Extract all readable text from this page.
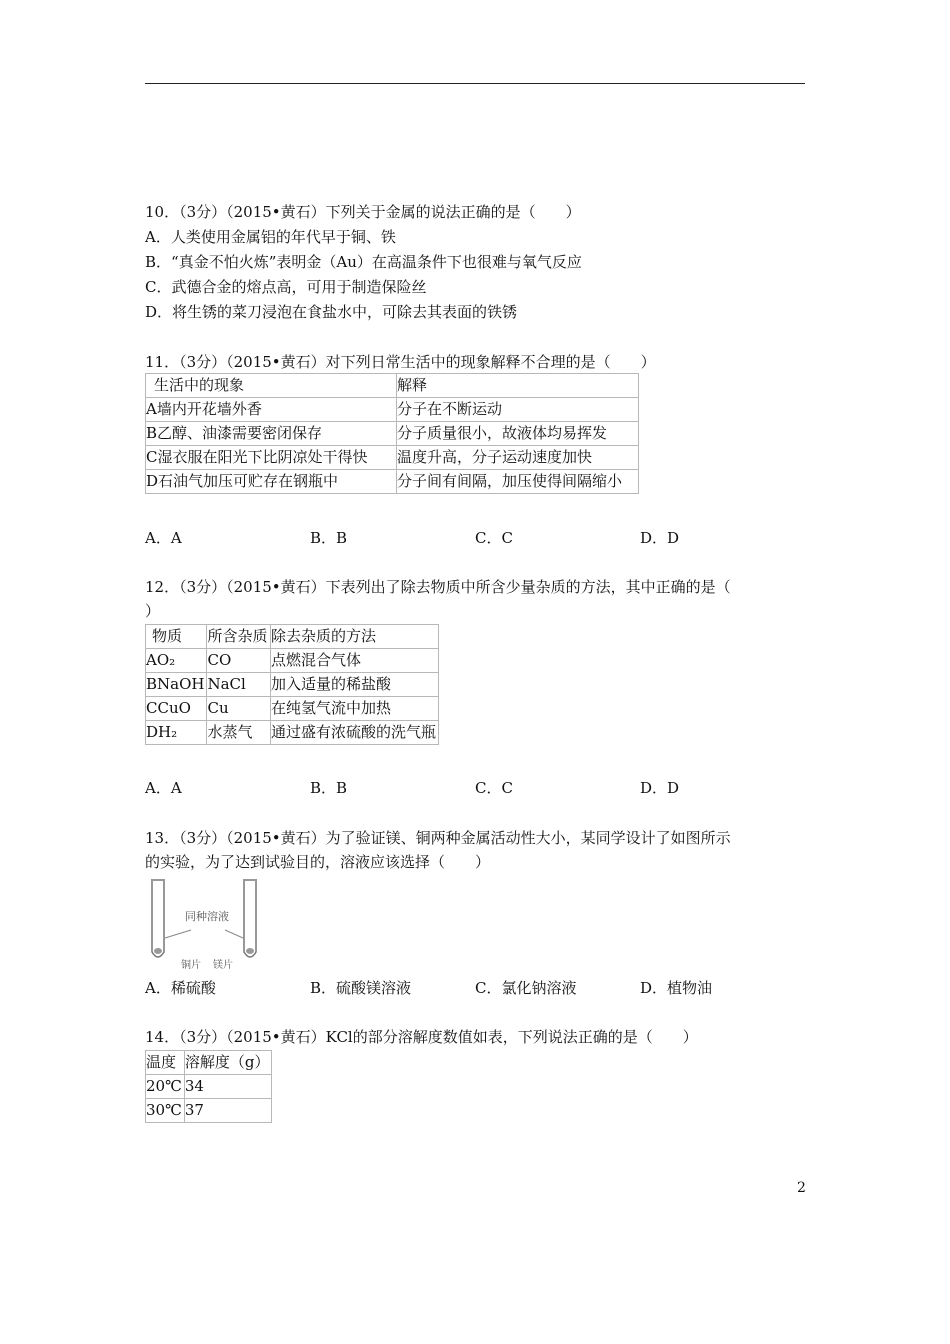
10．（3分）（2015•黄石）下列关于金属的说法正确的是（　　）
A．人类使用金属铝的年代早于铜、铁
B．“真金不怕火炼”表明金（Au）在高温条件下也很难与氧气反应
C．武德合金的熔点高，可用于制造保险丝
D．将生锈的菜刀浸泡在食盐水中，可除去其表面的铁锈
11．（3分）（2015•黄石）对下列日常生活中的现象解释不合理的是（　　）
生活中的现象	解释
A墙内开花墙外香	分子在不断运动
B乙醇、油漆需要密闭保存	分子质量很小，故液体均易挥发
C湿衣服在阳光下比阴凉处干得快	温度升高，分子运动速度加快
D石油气加压可贮存在钢瓶中	分子间有间隔，加压使得间隔缩小
A．A	B．B	C．C	D．D
12．（3分）（2015•黄石）下表列出了除去物质中所含少量杂质的方法，其中正确的是（
）
物质	所含杂质	除去杂质的方法
AO₂	CO	点燃混合气体
BNaOH	NaCl	加入适量的稀盐酸
CCuO	Cu	在纯氢气流中加热
DH₂	水蒸气	通过盛有浓硫酸的洗气瓶
A．A	B．B	C．C	D．D
13．（3分）（2015•黄石）为了验证镁、铜两种金属活动性大小，某同学设计了如图所示
的实验，为了达到试验目的，溶液应该选择（　　）
同种溶液
铜片 镁片
A．稀硫酸	B．硫酸镁溶液	C．氯化钠溶液	D．植物油
14．（3分）（2015•黄石）KCl的部分溶解度数值如表，下列说法正确的是（　　）
温度	溶解度（g）
20℃	34
30℃	37
2
